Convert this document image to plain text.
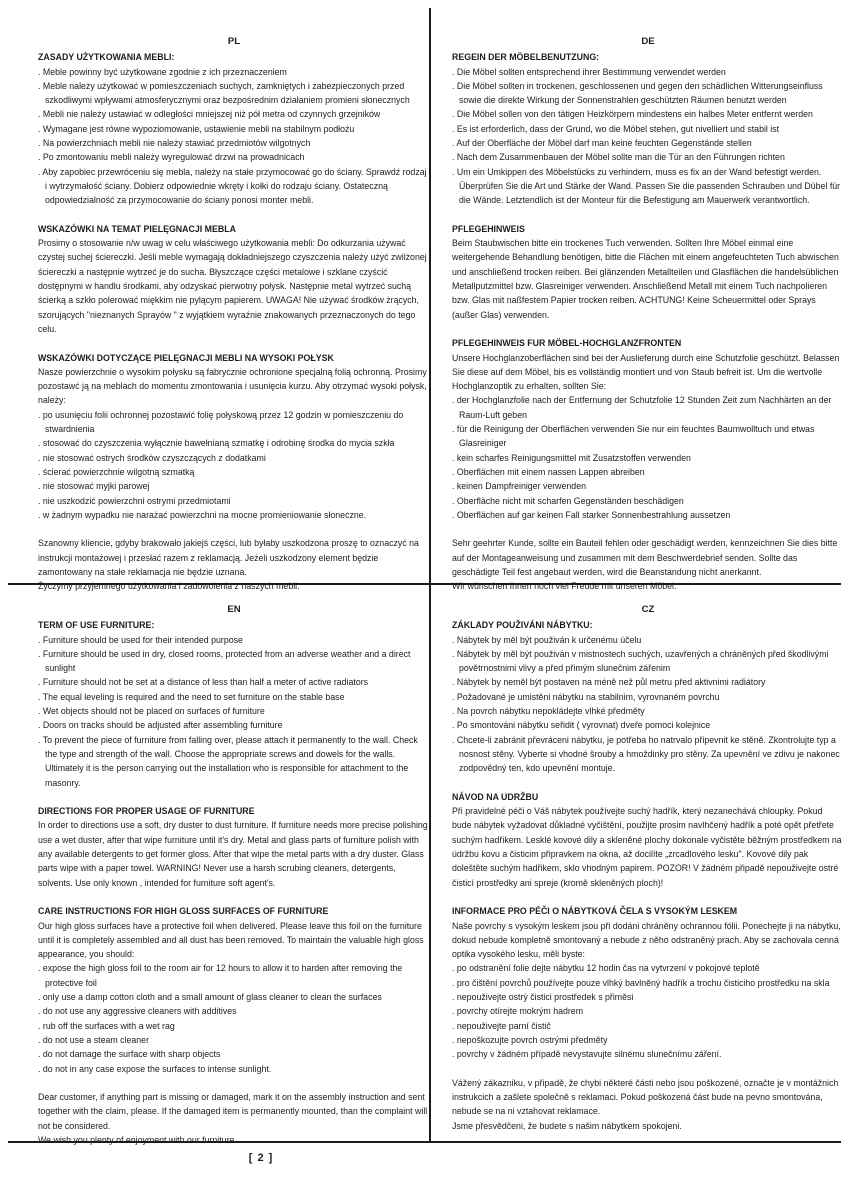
PL
ZASADY UŻYTKOWANIA MEBLI:
. Meble powinny być użytkowane zgodnie z ich przeznaczeniem
. Meble należy użytkować w pomieszczeniach suchych, zamkniętych i zabezpieczonych przed szkodliwymi wpływami atmosferycznymi oraz bezpośrednim działaniem promieni słonecznych
. Mebli nie należy ustawiać w odległości mniejszej niż pół metra od czynnych grzejników
. Wymagane jest równe wypoziomowanie, ustawienie mebli na stabilnym podłożu
. Na powierzchniach mebli nie należy stawiać przedmiotów wilgotnych
. Po zmontowaniu mebli należy wyregulować drzwi na prowadnicach
. Aby zapobiec przewróceniu się mebla, należy na stałe przymocować go do ściany. Sprawdź rodzaj i wytrzymałość ściany. Dobierz odpowiednie wkręty i kołki do rodzaju ściany. Ostateczną odpowiedzialność za przymocowanie do ściany ponosi monter mebli.
WSKAZÓWKI NA TEMAT PIELĘGNACJI MEBLA
Prosimy o stosowanie n/w uwag w celu właściwego użytkowania mebli: Do odkurzania używać czystej suchej ściereczki. Jeśli meble wymagają dokładniejszego czyszczenia należy użyć zwilżonej ściereczki a następnie wytrzeć je do sucha. Błyszczące części metalowe i szklane czyścić dostępnymi w handlu środkami, aby odzyskać pierwotny połysk. Następnie metal wytrzeć suchą ścierką a szkło polerować miękkim nie pylącym papierem. UWAGA! Nie używać środków żrących, szorujących "nieznanych Sprayów " z wyjątkiem wyraźnie znakowanych przeznaczonych do tego celu.
WSKAZÓWKI DOTYCZĄCE PIELĘGNACJI MEBLI NA WYSOKI POŁYSK
Nasze powierzchnie o wysokim połysku są fabrycznie ochronione specjalną folią ochronną. Prosimy pozostawć ją na meblach do momentu zmontowania i usunięcia kurzu. Aby otrzymać wysoki połysk, należy:
. po usunięciu folii ochronnej pozostawić folię połyskową przez 12 godzin w pomieszczeniu do stwardnienia
. stosować do czyszczenia wyłącznie bawełnianą szmatkę i odrobinę środka do mycia szkła
. nie stosować ostrych środków czyszczących z dodatkami
. ścierać powierzchnie wilgotną szmatką
. nie stosować myjki parowej
. nie uszkodzić powierzchni ostrymi przedmiotami
. w żadnym wypadku nie narażać powierzchni na mocne promieniowanie słoneczne.
Szanowny kliencie, gdyby brakowało jakiejś części, lub byłaby uszkodzona proszę to oznaczyć na instrukcji montażowej i przesłać razem z reklamacją. Jeżeli uszkodzony element będzie zamontowany na stałe reklamacja nie będzie uznana.
Życzymy przyjemnego użytkowania i zadowolenia z naszych mebli.
DE
REGEIN DER MÖBELBENUTZUNG:
. Die Möbel sollten entsprechend ihrer Bestimmung verwendet werden
. Die Möbel sollten in trockenen, geschlossenen und gegen den schädlichen Witterungseinfluss sowie die direkte Wirkung der Sonnenstrahlen geschützten Räumen benutzt werden
. Die Möbel sollen von den tätigen Heizkörpern mindestens ein halbes Meter entfernt werden
. Es ist erforderlich, dass der Grund, wo die Möbel stehen, gut nivelliert und stabil ist
. Auf der Oberfläche der Möbel darf man keine feuchten Gegenstände stellen
. Nach dem Zusammenbauen der Möbel sollte man die Tür an den Führungen richten
. Um ein Umkippen des Möbelstücks zu verhindern, muss es fix an der Wand befestigt werden. Überprüfen Sie die Art und Stärke der Wand. Passen Sie die passenden Schrauben und Dübel für die Wände. Letztendlich ist der Monteur für die Befestigung am Mauerwerk verantwortlich.
PFLEGEHINWEIS
Beim Staubwischen bitte ein trockenes Tuch verwenden. Sollten Ihre Möbel einmal eine weitergehende Behandlung benötigen, bitte die Flächen mit einem angefeuchteten Tuch abwischen und anschließend trocken reiben. Bei glänzenden Metallteilen und Glasflächen die handelsüblichen Metallputzmittel bzw. Glasreiniger verwenden. Anschließend Metall mit einem Tuch nachpolieren bzw. Glas mit naßfestem Papier trocken reiben. ACHTUNG! Keine Scheuermittel oder Sprays (außer Glas) verwenden.
PFLEGEHINWEIS FUR MÖBEL-HOCHGLANZFRONTEN
Unsere Hochglanzoberflächen sind bei der Auslieferung durch eine Schutzfolie geschützt. Belassen Sie diese auf dem Möbel, bis es vollständig montiert und von Staub befreit ist. Um die wertvolle Hochglanzoptik zu erhalten, sollten Sie:
. der Hochglanzfolie nach der Entfernung der Schutzfolie 12 Stunden Zeit zum Nachhärten an der Raum-Luft geben
. für die Reinigung der Oberflächen verwenden Sie nur ein feuchtes Baumwolltuch und etwas Glasreiniger
. kein scharfes Reinigungsmittel mit Zusatzstoffen verwenden
. Oberflächen mit einem nassen Lappen abreiben
. keinen Dampfreiniger verwenden
. Oberfläche nicht mit scharfen Gegenständen beschädigen
. Oberflächen auf gar keinen Fall starker Sonnenbestrahlung aussetzen
Sehr geehrter Kunde, sollte ein Bauteil fehlen oder geschädigt werden, kennzeichnen Sie dies bitte auf der Montageanweisung und zusammen mit dem Beschwerdebrief senden. Sollte das geschädigte Teil fest angebaut werden, wird die Beanstandung nicht anerkannt.
Wir wünschen Ihnen noch viel Freude mit unseren Möbel.
EN
TERM OF USE FURNITURE:
. Furniture should be used for their intended purpose
. Furniture should be used in dry, closed rooms, protected from an adverse weather and a direct sunlight
. Furniture should not be set at a distance of less than half a meter of active radiators
. The equal leveling is required and the need to set furniture on the stable base
. Wet objects should not be placed on surfaces of furniture
. Doors on tracks should be adjusted after assembling furniture
. To prevent the piece of furniture from falling over, please attach it permanently to the wall. Check the type and strength of the wall. Choose the appropriate screws and dowels for the walls. Ultimately it is the person carrying out the installation who is responsible for attachment to the masonry.
DIRECTIONS FOR PROPER USAGE OF FURNITURE
In order to directions use a soft, dry duster to dust furniture. If furniture needs more precise polishing use a wet duster, after that wipe furniture until it's dry. Metal and glass parts of furniture polish with any available detergents to get former gloss. After that wipe the metal parts with a dry duster. Glass parts wipe with a paper towel. WARNING! Never use a harsh scrubing cleaners, detergents, solvents. Use only known , intended for furniture soft agent's.
CARE INSTRUCTIONS FOR HIGH GLOSS SURFACES OF FURNITURE
Our high gloss surfaces have a protective foil when delivered. Please leave this foil on the furniture until it is completely assembled and all dust has been removed. To maintain the valuable high gloss appearance, you should:
. expose the high gloss foil to the room air for 12 hours to allow it to harden after removing the protective foil
. only use a damp cotton cloth and a small amount of glass cleaner to clean the surfaces
. do not use any aggressive cleaners with additives
. rub off the surfaces with a wet rag
. do not use a steam cleaner
. do not damage the surface with sharp objects
. do not in any case expose the surfaces to intense sunlight.
Dear customer, if anything part is missing or damaged, mark it on the assembly instruction and sent together with the claim, please. If the damaged item is permanently mounted, than the complaint will not be considered.
We wish you plenty of enjoyment with our furniture.
CZ
ZÁKLADY POUŽIVÁNI NÁBYTKU:
. Nábytek by měl být použiván k určenému účelu
. Nábytek by měl být použiván v mistnostech suchých, uzavřených a chráněných před škodlivými povětrnostnimi vlivy a před přimým slunečnim zářenim
. Nábytek by neměl být postaven na méně než půl metru před aktivnimi radiátory
. Požadované je umistěni nábytku na stabilnim, vyrovnaném povrchu
. Na povrch nábytku nepokládejte vlhké předměty
. Po smontováni nábytku seřidit ( vyrovnat) dveře pomoci kolejnice
. Chcete-li zabránit převráceni nábytku, je potřeba ho natrvalo připevnit ke stěně. Zkontrolujte typ a nosnost stěny. Vyberte si vhodné šrouby a hmoždinky pro stěny. Za upevnění ve zdivu je nakonec zodpovědný ten, kdo upevnění montuje.
NÁVOD NA UDRŽBU
Při pravidelné péči o Váš nábytek používejte suchý hadřík, který nezanechává chloupky. Pokud bude nábytek vyžadovat důkladné vyčištění, použijte prosim navlhčený hadřík a poté opět přetřete suchým hadřikem. Lesklé kovové dily a skleněné plochy dokonale vyčistěte běžným prostředkem na údržbu kovu a čisticim připravkem na okna, až docilíte „zrcadlového lesku". Kovové dily pak doleštěte suchým hadřikem, sklo vhodným papirem. POZOR! V žádném připadě nepouživejte ostré čisticí prostředky ani spreje (kromě skleněných ploch)!
INFORMACE PRO PÉČI O NÁBYTKOVÁ ČELA S VYSOKÝM LESKEM
Naše povrchy s vysokým leskem jsou při dodáni chráněny ochrannou fólii. Ponechejte ji na nábytku, dokud nebude kompletně smontovaný a nebude z něho odstraněný prach. Aby se zachovala cenná optika vysokého lesku, měli byste:
. po odstranění folie dejte nábytku 12 hodin čas na vytvrzení v pokojové teplotě
. pro čištění povrchů používejte pouze vlhký bavlněný hadřík a trochu čisticiho prostředku na skla
. nepouživejte ostrý čistici prostředek s přiměsi
. povrchy otírejte mokrým hadrem
. nepouživejte parní čistič
. nepoškozujte povrch ostrými předměty
. povrchy v žádném případě nevystavujte silnému slunečnímu záření.
Vážený zákazniku, v připadě, že chybi některé části nebo jsou poškozené, označte je v montážnich instrukcich a zašlete společně s reklamaci. Pokud poškozená část bude na pevno smontována, nebude se na ni vztahovat reklamace.
Jsme přesvědčeni, že budete s našim nábytkem spokojeni.
[ 2 ]
